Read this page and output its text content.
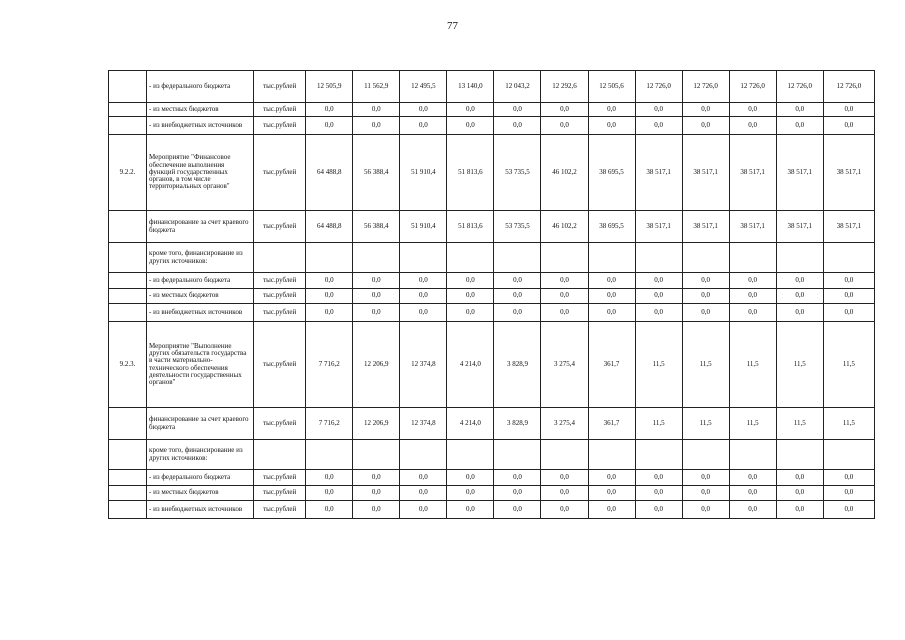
77
	- из федерального бюджета	тыс.рублей	12 505,9	11 562,9	12 495,5	13 140,0	12 043,2	12 292,6	12 505,6	12 726,0	12 726,0	12 726,0	12 726,0	12 726,0
	- из местных бюджетов	тыс.рублей	0,0	0,0	0,0	0,0	0,0	0,0	0,0	0,0	0,0	0,0	0,0	0,0
	- из внебюджетных источников	тыс.рублей	0,0	0,0	0,0	0,0	0,0	0,0	0,0	0,0	0,0	0,0	0,0	0,0
9.2.2.	Мероприятие "Финансовое обеспечение выполнения функций государственных органов, в том числе территориальных органов"	тыс.рублей	64 488,8	56 388,4	51 910,4	51 813,6	53 735,5	46 102,2	38 695,5	38 517,1	38 517,1	38 517,1	38 517,1	38 517,1
	финансирование за счет краевого бюджета	тыс.рублей	64 488,8	56 388,4	51 910,4	51 813,6	53 735,5	46 102,2	38 695,5	38 517,1	38 517,1	38 517,1	38 517,1	38 517,1
	кроме того, финансирование из других источников:													
	- из федерального бюджета	тыс.рублей	0,0	0,0	0,0	0,0	0,0	0,0	0,0	0,0	0,0	0,0	0,0	0,0
	- из местных бюджетов	тыс.рублей	0,0	0,0	0,0	0,0	0,0	0,0	0,0	0,0	0,0	0,0	0,0	0,0
	- из внебюджетных источников	тыс.рублей	0,0	0,0	0,0	0,0	0,0	0,0	0,0	0,0	0,0	0,0	0,0	0,0
9.2.3.	Мероприятие "Выполнение других обязательств государства в части материально-технического обеспечения деятельности государственных органов"	тыс.рублей	7 716,2	12 206,9	12 374,8	4 214,0	3 828,9	3 275,4	361,7	11,5	11,5	11,5	11,5	11,5
	финансирование за счет краевого бюджета	тыс.рублей	7 716,2	12 206,9	12 374,8	4 214,0	3 828,9	3 275,4	361,7	11,5	11,5	11,5	11,5	11,5
	кроме того, финансирование из других источников:													
	- из федерального бюджета	тыс.рублей	0,0	0,0	0,0	0,0	0,0	0,0	0,0	0,0	0,0	0,0	0,0	0,0
	- из местных бюджетов	тыс.рублей	0,0	0,0	0,0	0,0	0,0	0,0	0,0	0,0	0,0	0,0	0,0	0,0
	- из внебюджетных источников	тыс.рублей	0,0	0,0	0,0	0,0	0,0	0,0	0,0	0,0	0,0	0,0	0,0	0,0
